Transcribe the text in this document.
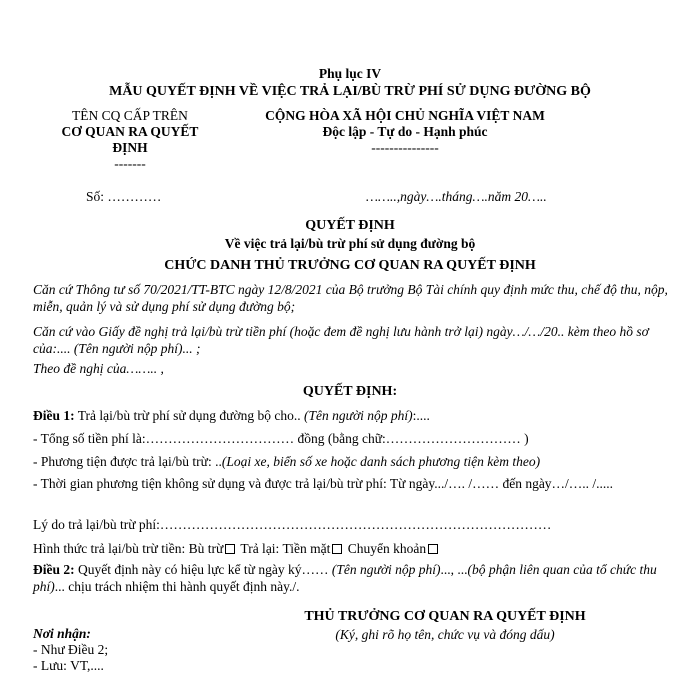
Phụ lục IV
MẪU QUYẾT ĐỊNH VỀ VIỆC TRẢ LẠI/BÙ TRỪ PHÍ SỬ DỤNG ĐƯỜNG BỘ
TÊN CQ CẤP TRÊN
CƠ QUAN RA QUYẾT
ĐỊNH
-------
CỘNG HÒA XÃ HỘI CHỦ NGHĨA VIỆT NAM
Độc lập - Tự do - Hạnh phúc
---------------
Số: …………	……..,ngày….tháng….năm 20…..
QUYẾT ĐỊNH
Về việc trả lại/bù trừ phí sử dụng đường bộ
CHỨC DANH THỦ TRƯỞNG CƠ QUAN RA QUYẾT ĐỊNH
Căn cứ Thông tư số 70/2021/TT-BTC ngày 12/8/2021 của Bộ trưởng Bộ Tài chính quy định mức thu, chế độ thu, nộp, miễn, quản lý và sử dụng phí sử dụng đường bộ;
Căn cứ vào Giấy đề nghị trả lại/bù trừ tiền phí (hoặc đem đề nghị lưu hành trở lại) ngày…/…/20.. kèm theo hồ sơ của:.... (Tên người nộp phí)... ;
Theo đề nghị của…….. ,
QUYẾT ĐỊNH:
Điều 1: Trả lại/bù trừ phí sử dụng đường bộ cho.. (Tên người nộp phí):....
- Tổng số tiền phí là:…………………………… đồng (bằng chữ:………………………… )
- Phương tiện được trả lại/bù trừ: ..(Loại xe, biển số xe hoặc danh sách phương tiện kèm theo)
- Thời gian phương tiện không sử dụng và được trả lại/bù trừ phí: Từ ngày.../…. /…… đến ngày…/….. /.....
Lý do trả lại/bù trừ phí:……………………………………………………………………………
Hình thức trả lại/bù trừ tiền: Bù trừ Trả lại: Tiền mặt Chuyển khoản
Điều 2: Quyết định này có hiệu lực kể từ ngày ký…… (Tên người nộp phí)..., ...(bộ phận liên quan của tổ chức thu phí)... chịu trách nhiệm thi hành quyết định này./.
THỦ TRƯỞNG CƠ QUAN RA QUYẾT ĐỊNH
(Ký, ghi rõ họ tên, chức vụ và đóng dấu)
Nơi nhận:
- Như Điều 2;
- Lưu: VT,....
